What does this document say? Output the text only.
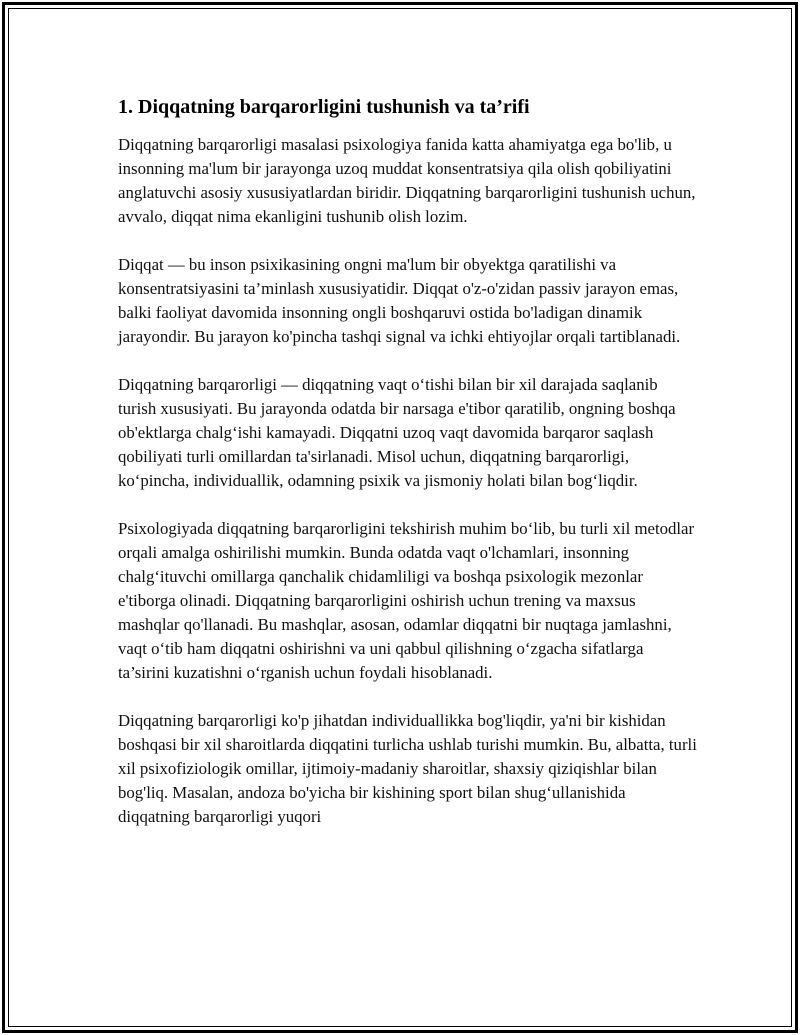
1. Diqqatning barqarorligini tushunish va ta’rifi

Diqqatning barqarorligi masalasi psixologiya fanida katta ahamiyatga ega bo'lib, u insonning ma'lum bir jarayonga uzoq muddat konsentratsiya qila olish qobiliyatini anglatuvchi asosiy xususiyatlardan biridir. Diqqatning barqarorligini tushunish uchun, avvalo, diqqat nima ekanligini tushunib olish lozim.

Diqqat — bu inson psixikasining ongni ma'lum bir obyektga qaratilishi va konsentratsiyasini ta’minlash xususiyatidir. Diqqat o'z-o'zidan passiv jarayon emas, balki faoliyat davomida insonning ongli boshqaruvi ostida bo'ladigan dinamik jarayondir. Bu jarayon ko'pincha tashqi signal va ichki ehtiyojlar orqali tartiblanadi.

Diqqatning barqarorligi — diqqatning vaqt o‘tishi bilan bir xil darajada saqlanib turish xususiyati. Bu jarayonda odatda bir narsaga e'tibor qaratilib, ongning boshqa ob'ektlarga chalg‘ishi kamayadi. Diqqatni uzoq vaqt davomida barqaror saqlash qobiliyati turli omillardan ta'sirlanadi. Misol uchun, diqqatning barqarorligi, ko‘pincha, individuallik, odamning psixik va jismoniy holati bilan bog‘liqdir.

Psixologiyada diqqatning barqarorligini tekshirish muhim bo‘lib, bu turli xil metodlar orqali amalga oshirilishi mumkin. Bunda odatda vaqt o'lchamlari, insonning chalg‘ituvchi omillarga qanchalik chidamliligi va boshqa psixologik mezonlar e'tiborga olinadi. Diqqatning barqarorligini oshirish uchun trening va maxsus mashqlar qo'llanadi. Bu mashqlar, asosan, odamlar diqqatni bir nuqtaga jamlashni, vaqt o‘tib ham diqqatni oshirishni va uni qabbul qilishning o‘zgacha sifatlarga ta’sirini kuzatishni o‘rganish uchun foydali hisoblanadi.

Diqqatning barqarorligi ko'p jihatdan individuallikka bog'liqdir, ya'ni bir kishidan boshqasi bir xil sharoitlarda diqqatini turlicha ushlab turishi mumkin. Bu, albatta, turli xil psixofiziologik omillar, ijtimoiy-madaniy sharoitlar, shaxsiy qiziqishlar bilan bog'liq. Masalan, andoza bo'yicha bir kishining sport bilan shug‘ullanishida diqqatning barqarorligi yuqori
